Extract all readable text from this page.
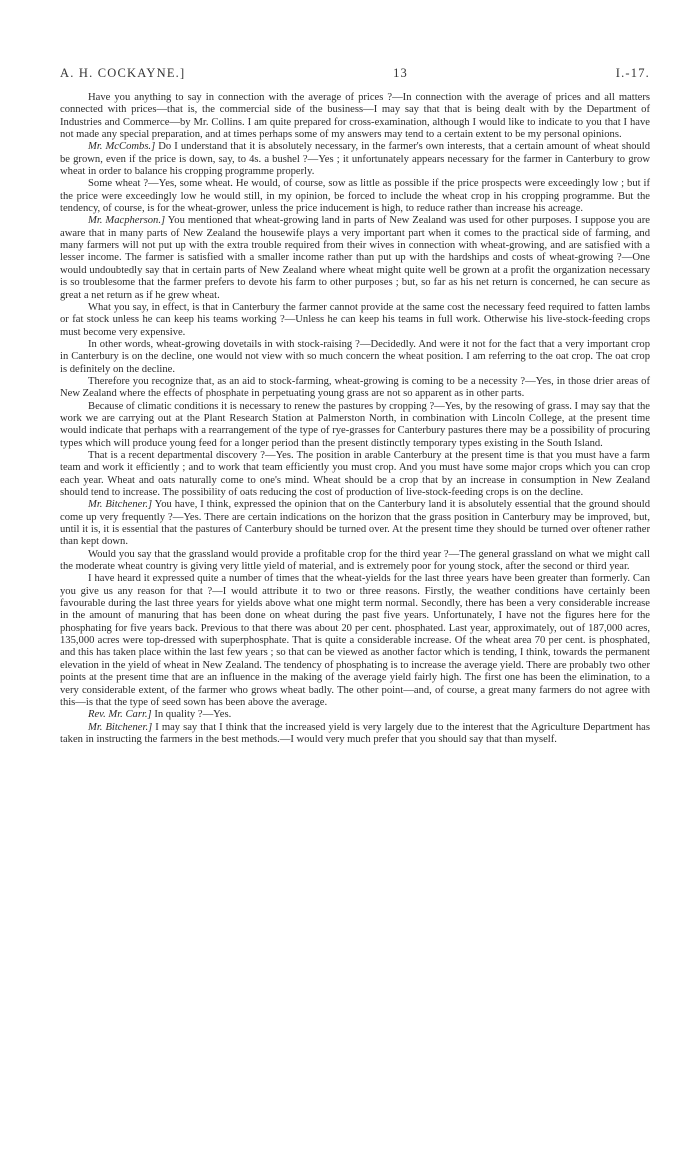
A. H. COCKAYNE.]	13	I.-17.

Have you anything to say in connection with the average of prices ?—In connection with the average of prices and all matters connected with prices—that is, the commercial side of the business—I may say that that is being dealt with by the Department of Industries and Commerce—by Mr. Collins. I am quite prepared for cross-examination, although I would like to indicate to you that I have not made any special preparation, and at times perhaps some of my answers may tend to a certain extent to be my personal opinions.

Mr. McCombs.] Do I understand that it is absolutely necessary, in the farmer's own interests, that a certain amount of wheat should be grown, even if the price is down, say, to 4s. a bushel ?—Yes ; it unfortunately appears necessary for the farmer in Canterbury to grow wheat in order to balance his cropping programme properly.

Some wheat ?—Yes, some wheat. He would, of course, sow as little as possible if the price prospects were exceedingly low ; but if the price were exceedingly low he would still, in my opinion, be forced to include the wheat crop in his cropping programme. But the tendency, of course, is for the wheat-grower, unless the price inducement is high, to reduce rather than increase his acreage.

Mr. Macpherson.] You mentioned that wheat-growing land in parts of New Zealand was used for other purposes. I suppose you are aware that in many parts of New Zealand the housewife plays a very important part when it comes to the practical side of farming, and many farmers will not put up with the extra trouble required from their wives in connection with wheat-growing, and are satisfied with a lesser income. The farmer is satisfied with a smaller income rather than put up with the hardships and costs of wheat-growing ?—One would undoubtedly say that in certain parts of New Zealand where wheat might quite well be grown at a profit the organization necessary is so troublesome that the farmer prefers to devote his farm to other purposes ; but, so far as his net return is concerned, he can secure as great a net return as if he grew wheat.

What you say, in effect, is that in Canterbury the farmer cannot provide at the same cost the necessary feed required to fatten lambs or fat stock unless he can keep his teams working ?—Unless he can keep his teams in full work. Otherwise his live-stock-feeding crops must become very expensive.

In other words, wheat-growing dovetails in with stock-raising ?—Decidedly. And were it not for the fact that a very important crop in Canterbury is on the decline, one would not view with so much concern the wheat position. I am referring to the oat crop. The oat crop is definitely on the decline.

Therefore you recognize that, as an aid to stock-farming, wheat-growing is coming to be a necessity ?—Yes, in those drier areas of New Zealand where the effects of phosphate in perpetuating young grass are not so apparent as in other parts.

Because of climatic conditions it is necessary to renew the pastures by cropping ?—Yes, by the resowing of grass. I may say that the work we are carrying out at the Plant Research Station at Palmerston North, in combination with Lincoln College, at the present time would indicate that perhaps with a rearrangement of the type of rye-grasses for Canterbury pastures there may be a possibility of procuring types which will produce young feed for a longer period than the present distinctly temporary types existing in the South Island.

That is a recent departmental discovery ?—Yes. The position in arable Canterbury at the present time is that you must have a farm team and work it efficiently ; and to work that team efficiently you must crop. And you must have some major crops which you can crop each year. Wheat and oats naturally come to one's mind. Wheat should be a crop that by an increase in consumption in New Zealand should tend to increase. The possibility of oats reducing the cost of production of live-stock-feeding crops is on the decline.

Mr. Bitchener.] You have, I think, expressed the opinion that on the Canterbury land it is absolutely essential that the ground should come up very frequently ?—Yes. There are certain indications on the horizon that the grass position in Canterbury may be improved, but, until it is, it is essential that the pastures of Canterbury should be turned over. At the present time they should be turned over oftener rather than kept down.

Would you say that the grassland would provide a profitable crop for the third year ?—The general grassland on what we might call the moderate wheat country is giving very little yield of material, and is extremely poor for young stock, after the second or third year.

I have heard it expressed quite a number of times that the wheat-yields for the last three years have been greater than formerly. Can you give us any reason for that ?—I would attribute it to two or three reasons. Firstly, the weather conditions have certainly been favourable during the last three years for yields above what one might term normal. Secondly, there has been a very considerable increase in the amount of manuring that has been done on wheat during the past five years. Unfortunately, I have not the figures here for the phosphating for five years back. Previous to that there was about 20 per cent. phosphated. Last year, approximately, out of 187,000 acres, 135,000 acres were top-dressed with superphosphate. That is quite a considerable increase. Of the wheat area 70 per cent. is phosphated, and this has taken place within the last few years ; so that can be viewed as another factor which is tending, I think, towards the permanent elevation in the yield of wheat in New Zealand. The tendency of phosphating is to increase the average yield. There are probably two other points at the present time that are an influence in the making of the average yield fairly high. The first one has been the elimination, to a very considerable extent, of the farmer who grows wheat badly. The other point—and, of course, a great many farmers do not agree with this—is that the type of seed sown has been above the average.

Rev. Mr. Carr.] In quality ?—Yes.

Mr. Bitchener.] I may say that I think that the increased yield is very largely due to the interest that the Agriculture Department has taken in instructing the farmers in the best methods.—I would very much prefer that you should say that than myself.
